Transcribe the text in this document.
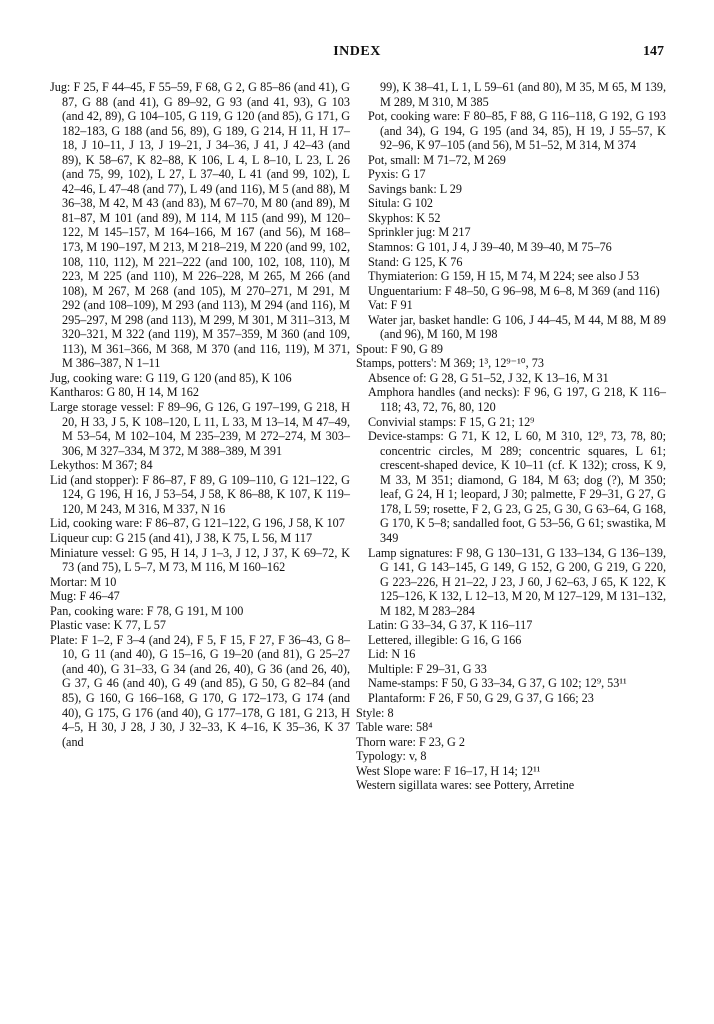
INDEX	147
Jug: F 25, F 44–45, F 55–59, F 68, G 2, G 85–86 (and 41), G 87, G 88 (and 41), G 89–92, G 93 (and 41, 93), G 103 (and 42, 89), G 104–105, G 119, G 120 (and 85), G 171, G 182–183, G 188 (and 56, 89), G 189, G 214, H 11, H 17–18, J 10–11, J 13, J 19–21, J 34–36, J 41, J 42–43 (and 89), K 58–67, K 82–88, K 106, L 4, L 8–10, L 23, L 26 (and 75, 99, 102), L 27, L 37–40, L 41 (and 99, 102), L 42–46, L 47–48 (and 77), L 49 (and 116), M 5 (and 88), M 36–38, M 42, M 43 (and 83), M 67–70, M 80 (and 89), M 81–87, M 101 (and 89), M 114, M 115 (and 99), M 120–122, M 145–157, M 164–166, M 167 (and 56), M 168–173, M 190–197, M 213, M 218–219, M 220 (and 99, 102, 108, 110, 112), M 221–222 (and 100, 102, 108, 110), M 223, M 225 (and 110), M 226–228, M 265, M 266 (and 108), M 267, M 268 (and 105), M 270–271, M 291, M 292 (and 108–109), M 293 (and 113), M 294 (and 116), M 295–297, M 298 (and 113), M 299, M 301, M 311–313, M 320–321, M 322 (and 119), M 357–359, M 360 (and 109, 113), M 361–366, M 368, M 370 (and 116, 119), M 371, M 386–387, N 1–11
Jug, cooking ware: G 119, G 120 (and 85), K 106
Kantharos: G 80, H 14, M 162
Large storage vessel: F 89–96, G 126, G 197–199, G 218, H 20, H 33, J 5, K 108–120, L 11, L 33, M 13–14, M 47–49, M 53–54, M 102–104, M 235–239, M 272–274, M 303–306, M 327–334, M 372, M 388–389, M 391
Lekythos: M 367; 84
Lid (and stopper): F 86–87, F 89, G 109–110, G 121–122, G 124, G 196, H 16, J 53–54, J 58, K 86–88, K 107, K 119–120, M 243, M 316, M 337, N 16
Lid, cooking ware: F 86–87, G 121–122, G 196, J 58, K 107
Liqueur cup: G 215 (and 41), J 38, K 75, L 56, M 117
Miniature vessel: G 95, H 14, J 1–3, J 12, J 37, K 69–72, K 73 (and 75), L 5–7, M 73, M 116, M 160–162
Mortar: M 10
Mug: F 46–47
Pan, cooking ware: F 78, G 191, M 100
Plastic vase: K 77, L 57
Plate: F 1–2, F 3–4 (and 24), F 5, F 15, F 27, F 36–43, G 8–10, G 11 (and 40), G 15–16, G 19–20 (and 81), G 25–27 (and 40), G 31–33, G 34 (and 26, 40), G 36 (and 26, 40), G 37, G 46 (and 40), G 49 (and 85), G 50, G 82–84 (and 85), G 160, G 166–168, G 170, G 172–173, G 174 (and 40), G 175, G 176 (and 40), G 177–178, G 181, G 213, H 4–5, H 30, J 28, J 30, J 32–33, K 4–16, K 35–36, K 37 (and
99), K 38–41, L 1, L 59–61 (and 80), M 35, M 65, M 139, M 289, M 310, M 385
Pot, cooking ware: F 80–85, F 88, G 116–118, G 192, G 193 (and 34), G 194, G 195 (and 34, 85), H 19, J 55–57, K 92–96, K 97–105 (and 56), M 51–52, M 314, M 374
Pot, small: M 71–72, M 269
Pyxis: G 17
Savings bank: L 29
Situla: G 102
Skyphos: K 52
Sprinkler jug: M 217
Stamnos: G 101, J 4, J 39–40, M 39–40, M 75–76
Stand: G 125, K 76
Thymiaterion: G 159, H 15, M 74, M 224; see also J 53
Unguentarium: F 48–50, G 96–98, M 6–8, M 369 (and 116)
Vat: F 91
Water jar, basket handle: G 106, J 44–45, M 44, M 88, M 89 (and 96), M 160, M 198
Spout: F 90, G 89
Stamps, potters': M 369; 1³, 12⁹⁻¹⁰, 73
Absence of: G 28, G 51–52, J 32, K 13–16, M 31
Amphora handles (and necks): F 96, G 197, G 218, K 116–118; 43, 72, 76, 80, 120
Convivial stamps: F 15, G 21; 12⁹
Device-stamps: G 71, K 12, L 60, M 310, 12⁹, 73, 78, 80; concentric circles, M 289; concentric squares, L 61; crescent-shaped device, K 10–11 (cf. K 132); cross, K 9, M 33, M 351; diamond, G 184, M 63; dog (?), M 350; leaf, G 24, H 1; leopard, J 30; palmette, F 29–31, G 27, G 178, L 59; rosette, F 2, G 23, G 25, G 30, G 63–64, G 168, G 170, K 5–8; sandalled foot, G 53–56, G 61; swastika, M 349
Lamp signatures: F 98, G 130–131, G 133–134, G 136–139, G 141, G 143–145, G 149, G 152, G 200, G 219, G 220, G 223–226, H 21–22, J 23, J 60, J 62–63, J 65, K 122, K 125–126, K 132, L 12–13, M 20, M 127–129, M 131–132, M 182, M 283–284
Latin: G 33–34, G 37, K 116–117
Lettered, illegible: G 16, G 166
Lid: N 16
Multiple: F 29–31, G 33
Name-stamps: F 50, G 33–34, G 37, G 102; 12⁹, 53¹¹
Plantaform: F 26, F 50, G 29, G 37, G 166; 23
Style: 8
Table ware: 58⁴
Thorn ware: F 23, G 2
Typology: v, 8
West Slope ware: F 16–17, H 14; 12¹¹
Western sigillata wares: see Pottery, Arretine
